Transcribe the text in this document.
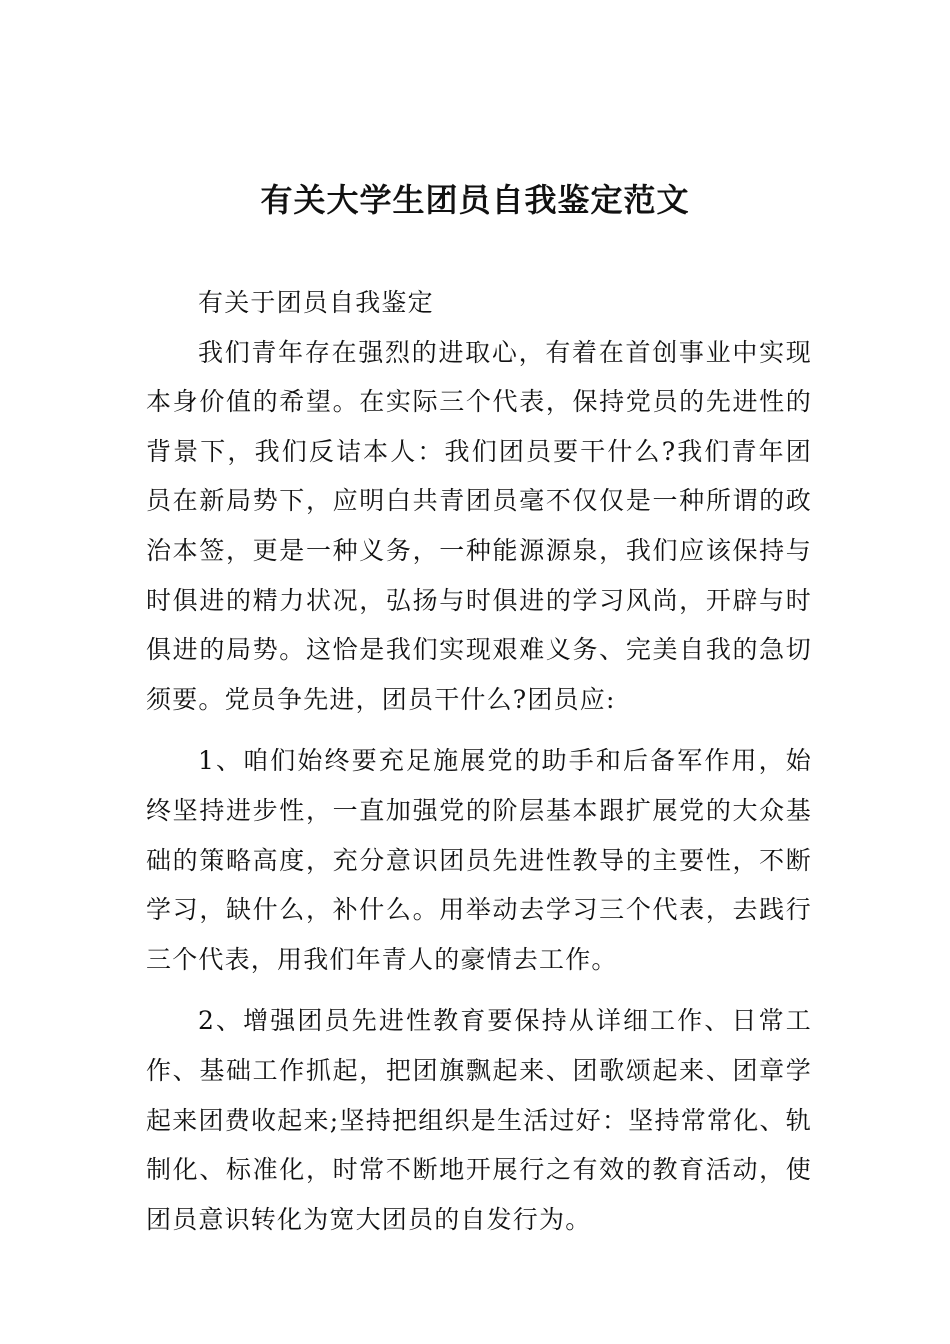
有关大学生团员自我鉴定范文

有关于团员自我鉴定

我们青年存在强烈的进取心，有着在首创事业中实现本身价值的希望。在实际三个代表，保持党员的先进性的背景下，我们反诘本人：我们团员要干什么?我们青年团员在新局势下，应明白共青团员毫不仅仅是一种所谓的政治本签，更是一种义务，一种能源源泉，我们应该保持与时俱进的精力状况，弘扬与时俱进的学习风尚，开辟与时俱进的局势。这恰是我们实现艰难义务、完美自我的急切须要。党员争先进，团员干什么?团员应:

1、咱们始终要充足施展党的助手和后备军作用，始终坚持进步性，一直加强党的阶层基本跟扩展党的大众基础的策略高度，充分意识团员先进性教导的主要性，不断学习，缺什么，补什么。用举动去学习三个代表，去践行三个代表，用我们年青人的豪情去工作。

2、增强团员先进性教育要保持从详细工作、日常工作、基础工作抓起，把团旗飘起来、团歌颂起来、团章学起来团费收起来;坚持把组织是生活过好：坚持常常化、轨制化、标准化，时常不断地开展行之有效的教育活动，使团员意识转化为宽大团员的自发行为。
